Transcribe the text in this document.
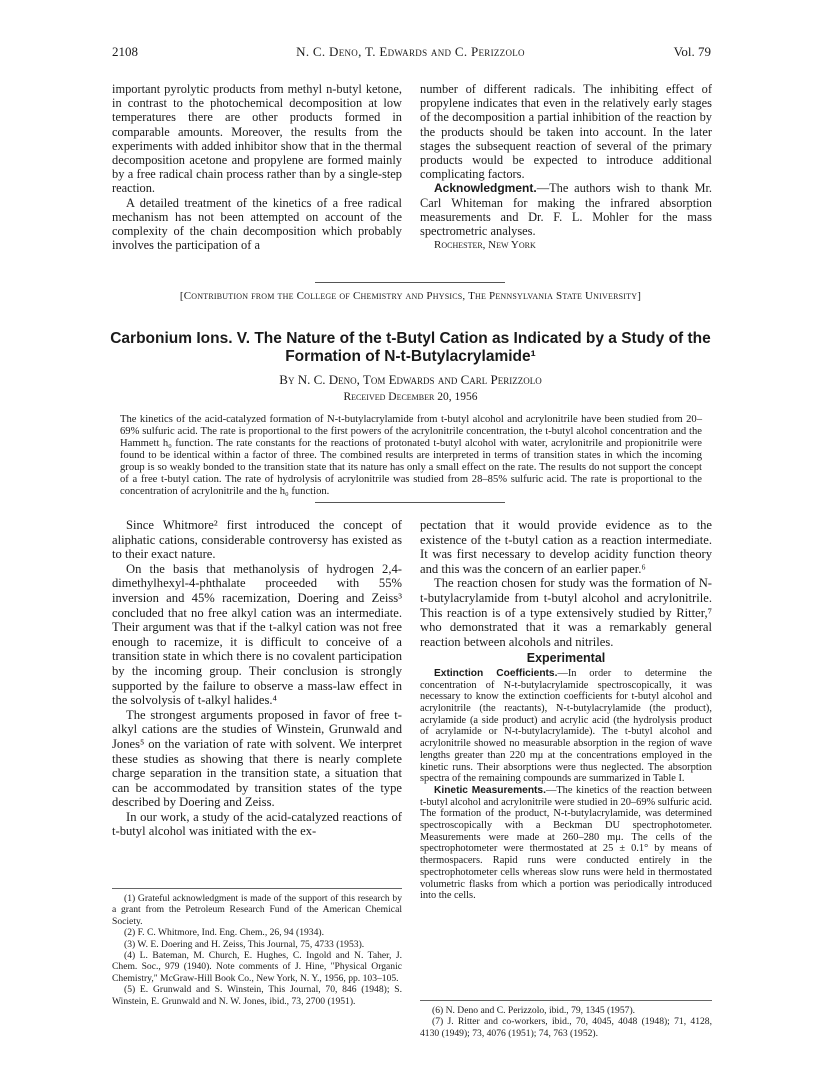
2108	N. C. Deno, T. Edwards and C. Perizzolo	Vol. 79

important pyrolytic products from methyl n-butyl ketone, in contrast to the photochemical decomposition at low temperatures there are other products formed in comparable amounts. Moreover, the results from the experiments with added inhibitor show that in the thermal decomposition acetone and propylene are formed mainly by a free radical chain process rather than by a single-step reaction.

A detailed treatment of the kinetics of a free radical mechanism has not been attempted on account of the complexity of the chain decomposition which probably involves the participation of a

number of different radicals. The inhibiting effect of propylene indicates that even in the relatively early stages of the decomposition a partial inhibition of the reaction by the products should be taken into account. In the later stages the subsequent reaction of several of the primary products would be expected to introduce additional complicating factors.

Acknowledgment.—The authors wish to thank Mr. Carl Whiteman for making the infrared absorption measurements and Dr. F. L. Mohler for the mass spectrometric analyses.

Rochester, New York

[Contribution from the College of Chemistry and Physics, The Pennsylvania State University]
Carbonium Ions. V. The Nature of the t-Butyl Cation as Indicated by a Study of the
Formation of N-t-Butylacrylamide¹
By N. C. Deno, Tom Edwards and Carl Perizzolo
Received December 20, 1956
The kinetics of the acid-catalyzed formation of N-t-butylacrylamide from t-butyl alcohol and acrylonitrile have been studied from 20–69% sulfuric acid. The rate is proportional to the first powers of the acrylonitrile concentration, the t-butyl alcohol concentration and the Hammett h₀ function. The rate constants for the reactions of protonated t-butyl alcohol with water, acrylonitrile and propionitrile were found to be identical within a factor of three. The combined results are interpreted in terms of transition states in which the incoming group is so weakly bonded to the transition state that its nature has only a small effect on the rate. The results do not support the concept of a free t-butyl cation. The rate of hydrolysis of acrylonitrile was studied from 28–85% sulfuric acid. The rate is proportional to the concentration of acrylonitrile and the h₀ function.

Since Whitmore² first introduced the concept of aliphatic cations, considerable controversy has existed as to their exact nature.

On the basis that methanolysis of hydrogen 2,4-dimethylhexyl-4-phthalate proceeded with 55% inversion and 45% racemization, Doering and Zeiss³ concluded that no free alkyl cation was an intermediate. Their argument was that if the t-alkyl cation was not free enough to racemize, it is difficult to conceive of a transition state in which there is no covalent participation by the incoming group. Their conclusion is strongly supported by the failure to observe a mass-law effect in the solvolysis of t-alkyl halides.⁴

The strongest arguments proposed in favor of free t-alkyl cations are the studies of Winstein, Grunwald and Jones⁵ on the variation of rate with solvent. We interpret these studies as showing that there is nearly complete charge separation in the transition state, a situation that can be accommodated by transition states of the type described by Doering and Zeiss.

In our work, a study of the acid-catalyzed reactions of t-butyl alcohol was initiated with the ex-

(1) Grateful acknowledgment is made of the support of this research by a grant from the Petroleum Research Fund of the American Chemical Society.

(2) F. C. Whitmore, Ind. Eng. Chem., 26, 94 (1934).

(3) W. E. Doering and H. Zeiss, This Journal, 75, 4733 (1953).

(4) L. Bateman, M. Church, E. Hughes, C. Ingold and N. Taher, J. Chem. Soc., 979 (1940). Note comments of J. Hine, "Physical Organic Chemistry," McGraw-Hill Book Co., New York, N. Y., 1956, pp. 103–105.

(5) E. Grunwald and S. Winstein, This Journal, 70, 846 (1948); S. Winstein, E. Grunwald and N. W. Jones, ibid., 73, 2700 (1951).

pectation that it would provide evidence as to the existence of the t-butyl cation as a reaction intermediate. It was first necessary to develop acidity function theory and this was the concern of an earlier paper.⁶

The reaction chosen for study was the formation of N-t-butylacrylamide from t-butyl alcohol and acrylonitrile. This reaction is of a type extensively studied by Ritter,⁷ who demonstrated that it was a remarkably general reaction between alcohols and nitriles.

Experimental

Extinction Coefficients.—In order to determine the concentration of N-t-butylacrylamide spectroscopically, it was necessary to know the extinction coefficients for t-butyl alcohol and acrylonitrile (the reactants), N-t-butylacrylamide (the product), acrylamide (a side product) and acrylic acid (the hydrolysis product of acrylamide or N-t-butylacrylamide). The t-butyl alcohol and acrylonitrile showed no measurable absorption in the region of wave lengths greater than 220 mμ at the concentrations employed in the kinetic runs. Their absorptions were thus neglected. The absorption spectra of the remaining compounds are summarized in Table I.

Kinetic Measurements.—The kinetics of the reaction between t-butyl alcohol and acrylonitrile were studied in 20–69% sulfuric acid. The formation of the product, N-t-butylacrylamide, was determined spectroscopically with a Beckman DU spectrophotometer. Measurements were made at 260–280 mμ. The cells of the spectrophotometer were thermostated at 25 ± 0.1° by means of thermospacers. Rapid runs were conducted entirely in the spectrophotometer cells whereas slow runs were held in thermostated volumetric flasks from which a portion was periodically introduced into the cells.

(6) N. Deno and C. Perizzolo, ibid., 79, 1345 (1957).

(7) J. Ritter and co-workers, ibid., 70, 4045, 4048 (1948); 71, 4128, 4130 (1949); 73, 4076 (1951); 74, 763 (1952).
